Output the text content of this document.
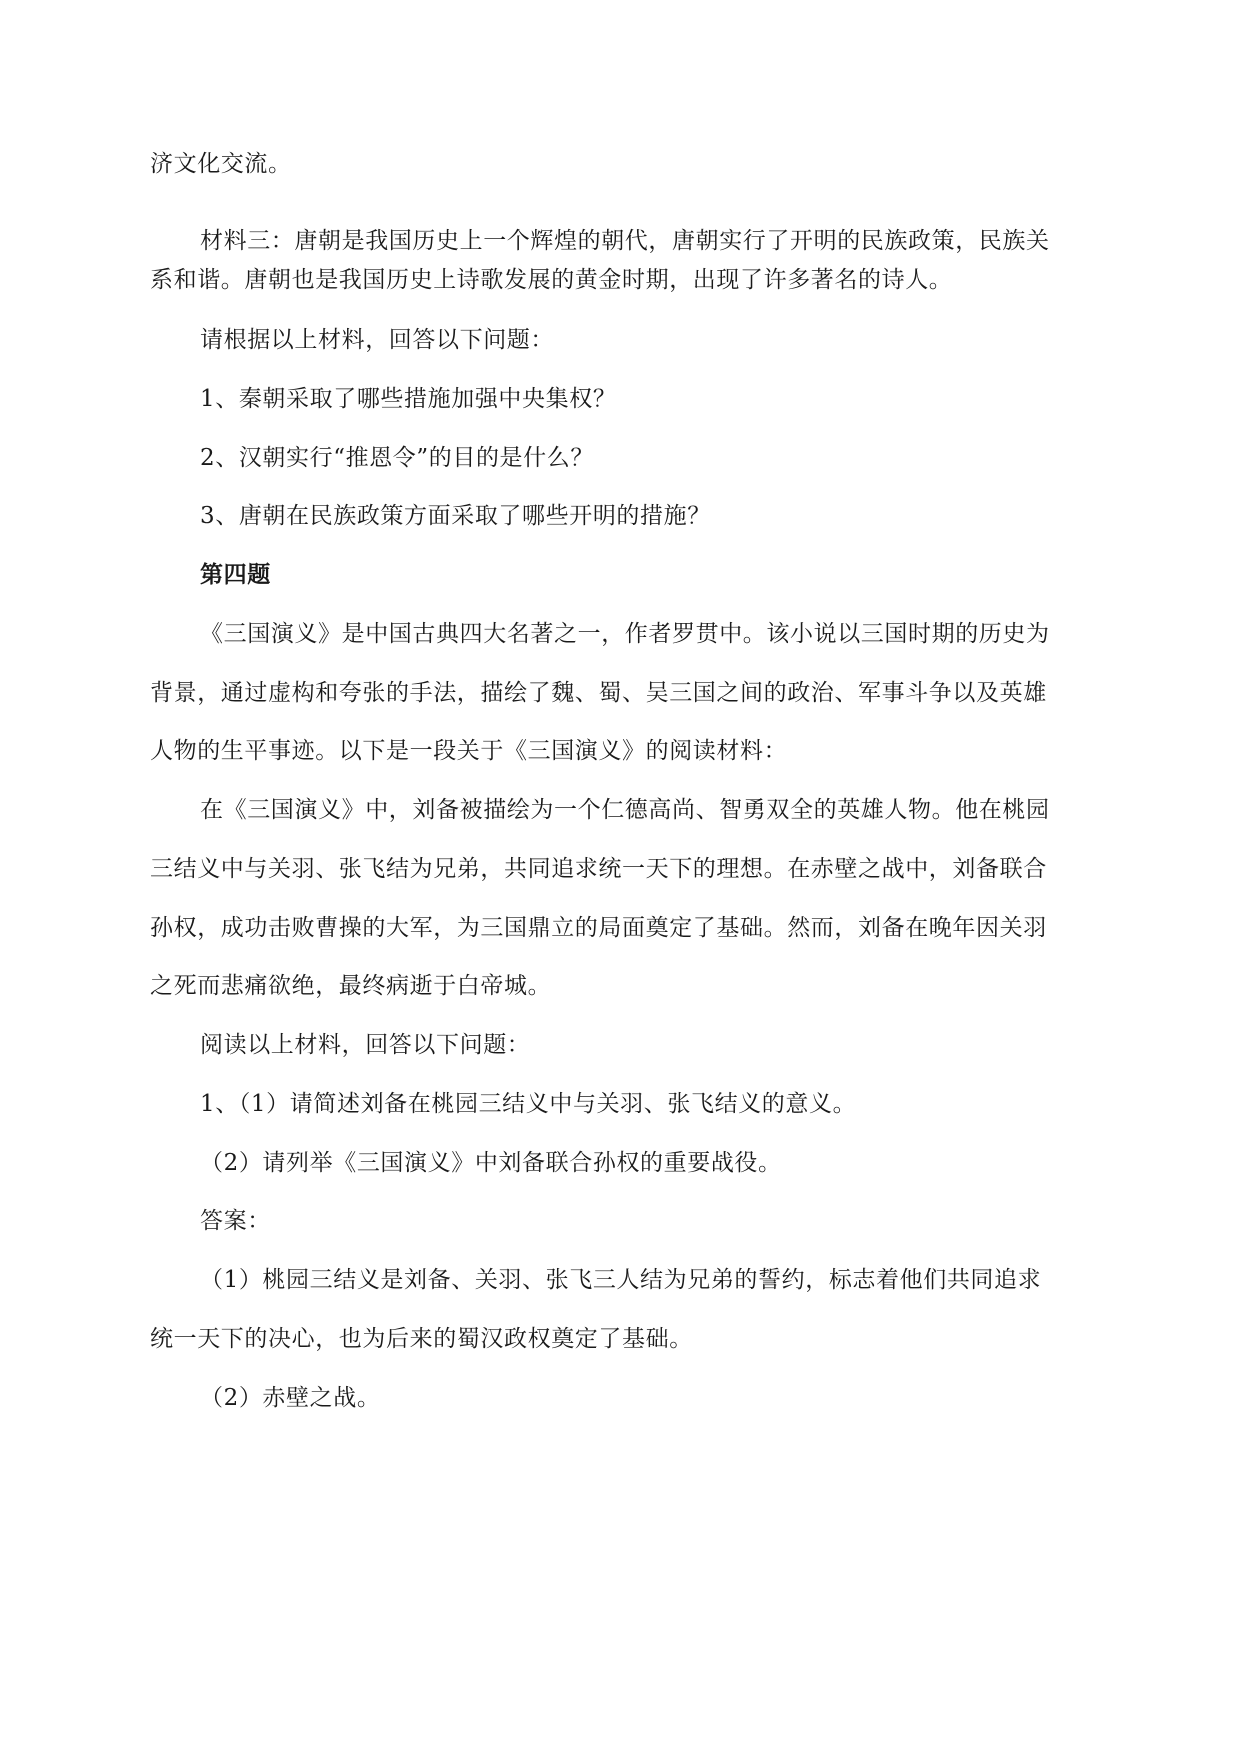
济文化交流。
材料三：唐朝是我国历史上一个辉煌的朝代，唐朝实行了开明的民族政策，民族关
系和谐。唐朝也是我国历史上诗歌发展的黄金时期，出现了许多著名的诗人。
请根据以上材料，回答以下问题：
1、秦朝采取了哪些措施加强中央集权？
2、汉朝实行“推恩令”的目的是什么？
3、唐朝在民族政策方面采取了哪些开明的措施？
第四题
《三国演义》是中国古典四大名著之一，作者罗贯中。该小说以三国时期的历史为
背景，通过虚构和夸张的手法，描绘了魏、蜀、吴三国之间的政治、军事斗争以及英雄
人物的生平事迹。以下是一段关于《三国演义》的阅读材料：
在《三国演义》中，刘备被描绘为一个仁德高尚、智勇双全的英雄人物。他在桃园
三结义中与关羽、张飞结为兄弟，共同追求统一天下的理想。在赤壁之战中，刘备联合
孙权，成功击败曹操的大军，为三国鼎立的局面奠定了基础。然而，刘备在晚年因关羽
之死而悲痛欲绝，最终病逝于白帝城。
阅读以上材料，回答以下问题：
1、（1）请简述刘备在桃园三结义中与关羽、张飞结义的意义。
（2）请列举《三国演义》中刘备联合孙权的重要战役。
答案：
（1）桃园三结义是刘备、关羽、张飞三人结为兄弟的誓约，标志着他们共同追求
统一天下的决心，也为后来的蜀汉政权奠定了基础。
（2）赤壁之战。
